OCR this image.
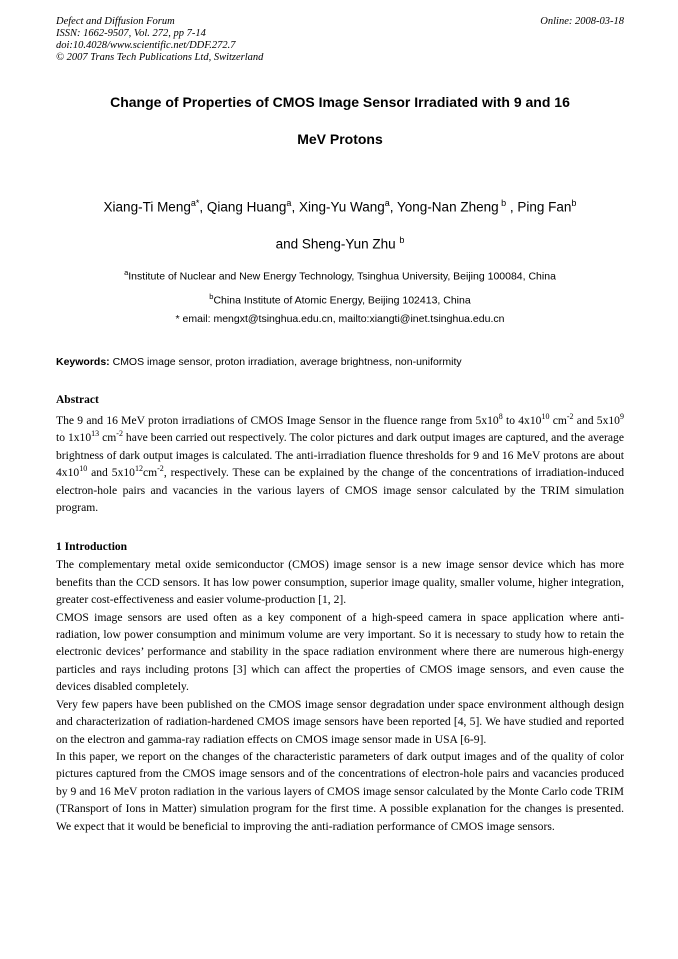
Defect and Diffusion Forum
ISSN: 1662-9507, Vol. 272, pp 7-14
doi:10.4028/www.scientific.net/DDF.272.7
© 2007 Trans Tech Publications Ltd, Switzerland
Online: 2008-03-18
Change of Properties of CMOS Image Sensor Irradiated with 9 and 16
MeV Protons
Xiang-Ti Meng$^{a*}$, Qiang Huang$^a$, Xing-Yu Wang$^a$, Yong-Nan Zheng $^b$ , Ping Fan$^b$
and Sheng-Yun Zhu $^b$
$^a$Institute of Nuclear and New Energy Technology, Tsinghua University, Beijing 100084, China
$^b$China Institute of Atomic Energy, Beijing 102413, China
* email: mengxt@tsinghua.edu.cn, mailto:xiangti@inet.tsinghua.edu.cn

Keywords: CMOS image sensor, proton irradiation, average brightness, non-uniformity

Abstract

The 9 and 16 MeV proton irradiations of CMOS Image Sensor in the fluence range from $5x10^8$ to $4x10^{10}$ $cm^{-2}$ and $5x10^9$ to $1x10^{13}$ $cm^{-2}$ have been carried out respectively. The color pictures and dark output images are captured, and the average brightness of dark output images is calculated. The anti-irradiation fluence thresholds for 9 and 16 MeV protons are about $4x10^{10}$ and $5x10^{12}cm^{-2}$, respectively. These can be explained by the change of the concentrations of irradiation-induced electron-hole pairs and vacancies in the various layers of CMOS image sensor calculated by the TRIM simulation program.

1 Introduction

The complementary metal oxide semiconductor (CMOS) image sensor is a new image sensor device which has more benefits than the CCD sensors. It has low power consumption, superior image quality, smaller volume, higher integration, greater cost-effectiveness and easier volume-production [1, 2].

CMOS image sensors are used often as a key component of a high-speed camera in space application where anti-radiation, low power consumption and minimum volume are very important. So it is necessary to study how to retain the electronic devices’ performance and stability in the space radiation environment where there are numerous high-energy particles and rays including protons [3] which can affect the properties of CMOS image sensors, and even cause the devices disabled completely.

Very few papers have been published on the CMOS image sensor degradation under space environment although design and characterization of radiation-hardened CMOS image sensors have been reported [4, 5]. We have studied and reported on the electron and gamma-ray radiation effects on CMOS image sensor made in USA [6-9].

In this paper, we report on the changes of the characteristic parameters of dark output images and of the quality of color pictures captured from the CMOS image sensors and of the concentrations of electron-hole pairs and vacancies produced by 9 and 16 MeV proton radiation in the various layers of CMOS image sensor calculated by the Monte Carlo code TRIM (TRansport of Ions in Matter) simulation program for the first time. A possible explanation for the changes is presented. We expect that it would be beneficial to improving the anti-radiation performance of CMOS image sensors.
